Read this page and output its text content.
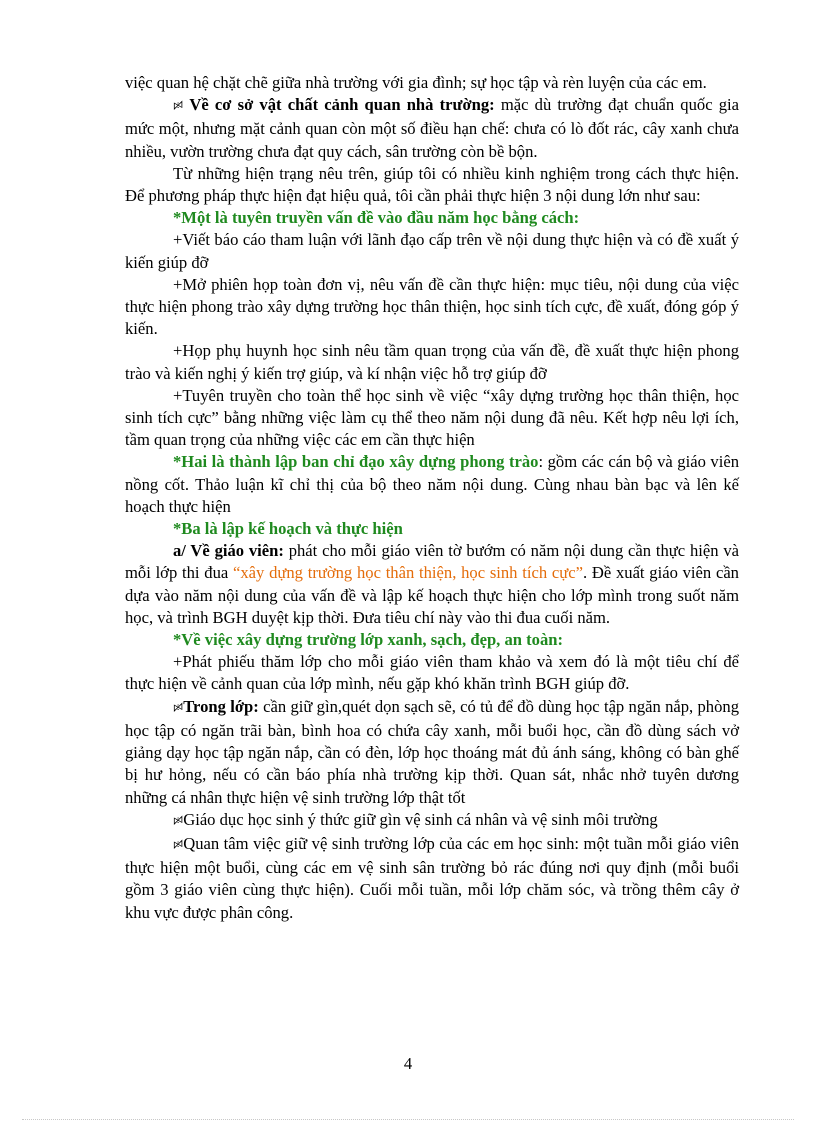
việc quan hệ chặt chẽ giữa nhà trường với gia đình; sự học tập và rèn luyện của các em.

ꗰ Về cơ sở vật chất cảnh quan nhà trường: mặc dù trường đạt chuẩn quốc gia mức một, nhưng mặt cảnh quan còn một số điều hạn chế: chưa có lò đốt rác, cây xanh chưa nhiều, vườn trường chưa đạt quy cách, sân trường còn bề bộn.

Từ những hiện trạng nêu trên, giúp tôi có nhiều kinh nghiệm trong cách thực hiện. Để phương pháp thực hiện đạt hiệu quả, tôi cần phải thực hiện 3 nội dung lớn như sau:

*Một là tuyên truyền vấn đề vào đầu năm học bằng cách:

+Viết báo cáo tham luận với lãnh đạo cấp trên về nội dung thực hiện và có đề xuất ý kiến giúp đỡ

+Mở phiên họp toàn đơn vị, nêu vấn đề cần thực hiện: mục tiêu, nội dung của việc thực hiện phong trào xây dựng trường học thân thiện, học sinh tích cực, đề xuất, đóng góp ý kiến.

+Họp phụ huynh học sinh nêu tầm quan trọng của vấn đề, đề xuất thực hiện phong trào và kiến nghị ý kiến trợ giúp, và kí nhận việc hỗ trợ giúp đỡ

+Tuyên truyền cho toàn thể học sinh về việc “xây dựng trường học thân thiện, học sinh tích cực” bằng những việc làm cụ thể theo năm nội dung đã nêu. Kết hợp nêu lợi ích, tầm quan trọng của những việc các em cần thực hiện

*Hai là thành lập ban chỉ đạo xây dựng phong trào: gồm các cán bộ và giáo viên nồng cốt. Thảo luận kĩ chỉ thị của bộ theo năm nội dung. Cùng nhau bàn bạc và lên kế hoạch thực hiện

*Ba là lập kế hoạch và thực hiện

a/ Về giáo viên: phát cho mỗi giáo viên tờ bướm có năm nội dung cần thực hiện và mỗi lớp thi đua “xây dựng trường học thân thiện, học sinh tích cực”. Đề xuất giáo viên cần dựa vào năm nội dung của vấn đề và lập kế hoạch thực hiện cho lớp mình trong suốt năm học, và trình BGH duyệt kịp thời. Đưa tiêu chí này vào thi đua cuối năm.

*Về việc xây dựng trường lớp xanh, sạch, đẹp, an toàn:

+Phát phiếu thăm lớp cho mỗi giáo viên tham khảo và xem đó là một tiêu chí để thực hiện về cảnh quan của lớp mình, nếu gặp khó khăn trình BGH giúp đỡ.

ꗰTrong lớp: cần giữ gìn,quét dọn sạch sẽ, có tủ để đồ dùng học tập ngăn nắp, phòng học tập có ngăn trãi bàn, bình hoa có chứa cây xanh, mỗi buổi học, cần đồ dùng sách vở giảng dạy học tập ngăn nắp, cần có đèn, lớp học thoáng mát đủ ánh sáng, không có bàn ghế bị hư hỏng, nếu có cần báo phía nhà trường kịp thời. Quan sát, nhắc nhở tuyên dương những cá nhân thực hiện vệ sinh trường lớp thật tốt

ꗰGiáo dục học sinh ý thức giữ gìn vệ sinh cá nhân và vệ sinh môi trường

ꗰQuan tâm việc giữ vệ sinh trường lớp của các em học sinh: một tuần mỗi giáo viên thực hiện một buổi, cùng các em vệ sinh sân trường bỏ rác đúng nơi quy định (mỗi buổi gồm 3 giáo viên cùng thực hiện). Cuối mỗi tuần, mỗi lớp chăm sóc, và trồng thêm cây ở khu vực được phân công.

4
